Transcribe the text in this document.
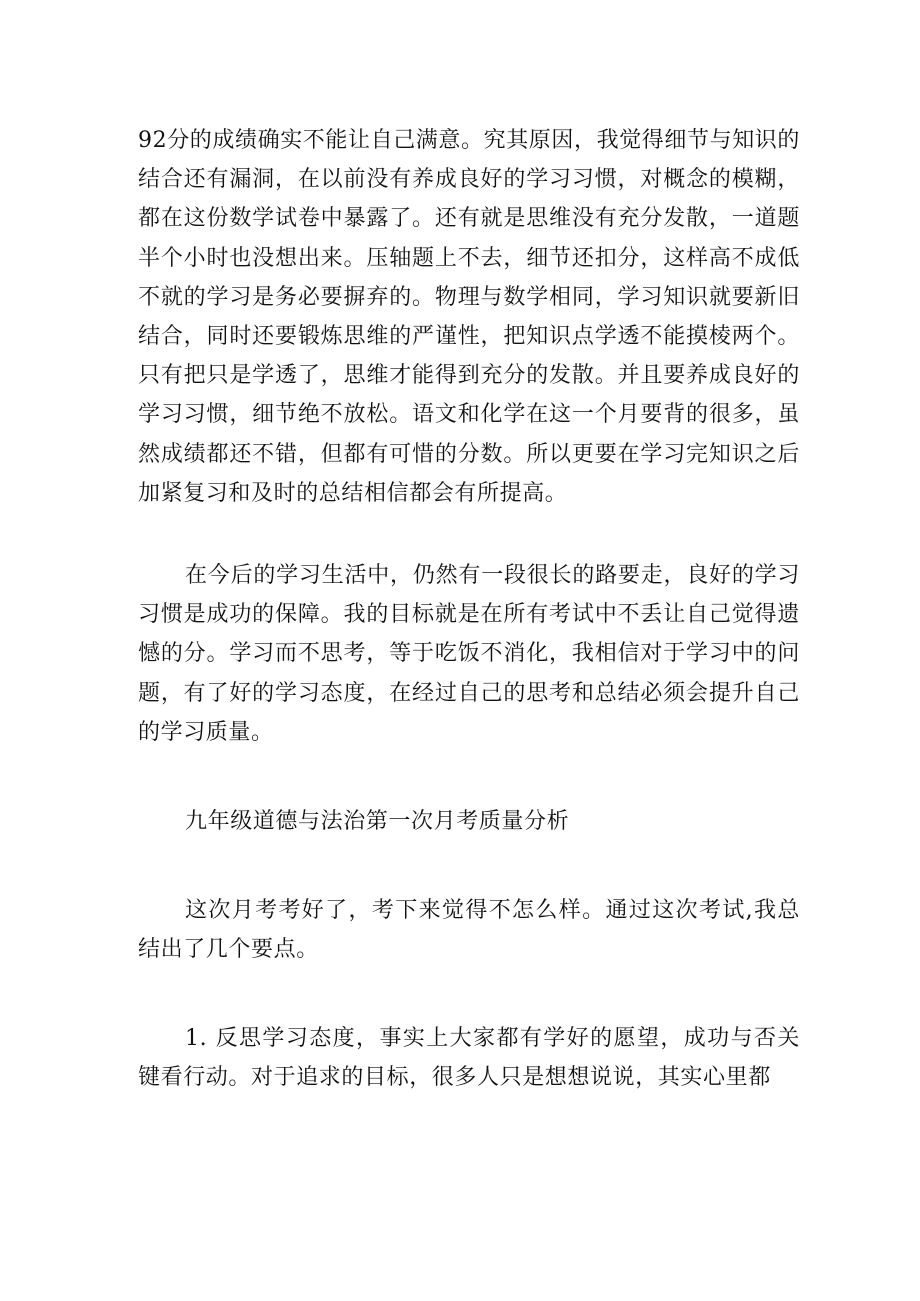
92分的成绩确实不能让自己满意。究其原因，我觉得细节与知识的结合还有漏洞，在以前没有养成良好的学习习惯，对概念的模糊，都在这份数学试卷中暴露了。还有就是思维没有充分发散，一道题半个小时也没想出来。压轴题上不去，细节还扣分，这样高不成低不就的学习是务必要摒弃的。物理与数学相同，学习知识就要新旧结合，同时还要锻炼思维的严谨性，把知识点学透不能摸棱两个。只有把只是学透了，思维才能得到充分的发散。并且要养成良好的学习习惯，细节绝不放松。语文和化学在这一个月要背的很多，虽然成绩都还不错，但都有可惜的分数。所以更要在学习完知识之后加紧复习和及时的总结相信都会有所提高。

在今后的学习生活中，仍然有一段很长的路要走，良好的学习习惯是成功的保障。我的目标就是在所有考试中不丢让自己觉得遗憾的分。学习而不思考，等于吃饭不消化，我相信对于学习中的问题，有了好的学习态度，在经过自己的思考和总结必须会提升自己的学习质量。

九年级道德与法治第一次月考质量分析

这次月考考好了，考下来觉得不怎么样。通过这次考试,我总结出了几个要点。

1. 反思学习态度，事实上大家都有学好的愿望，成功与否关键看行动。对于追求的目标，很多人只是想想说说，其实心里都
